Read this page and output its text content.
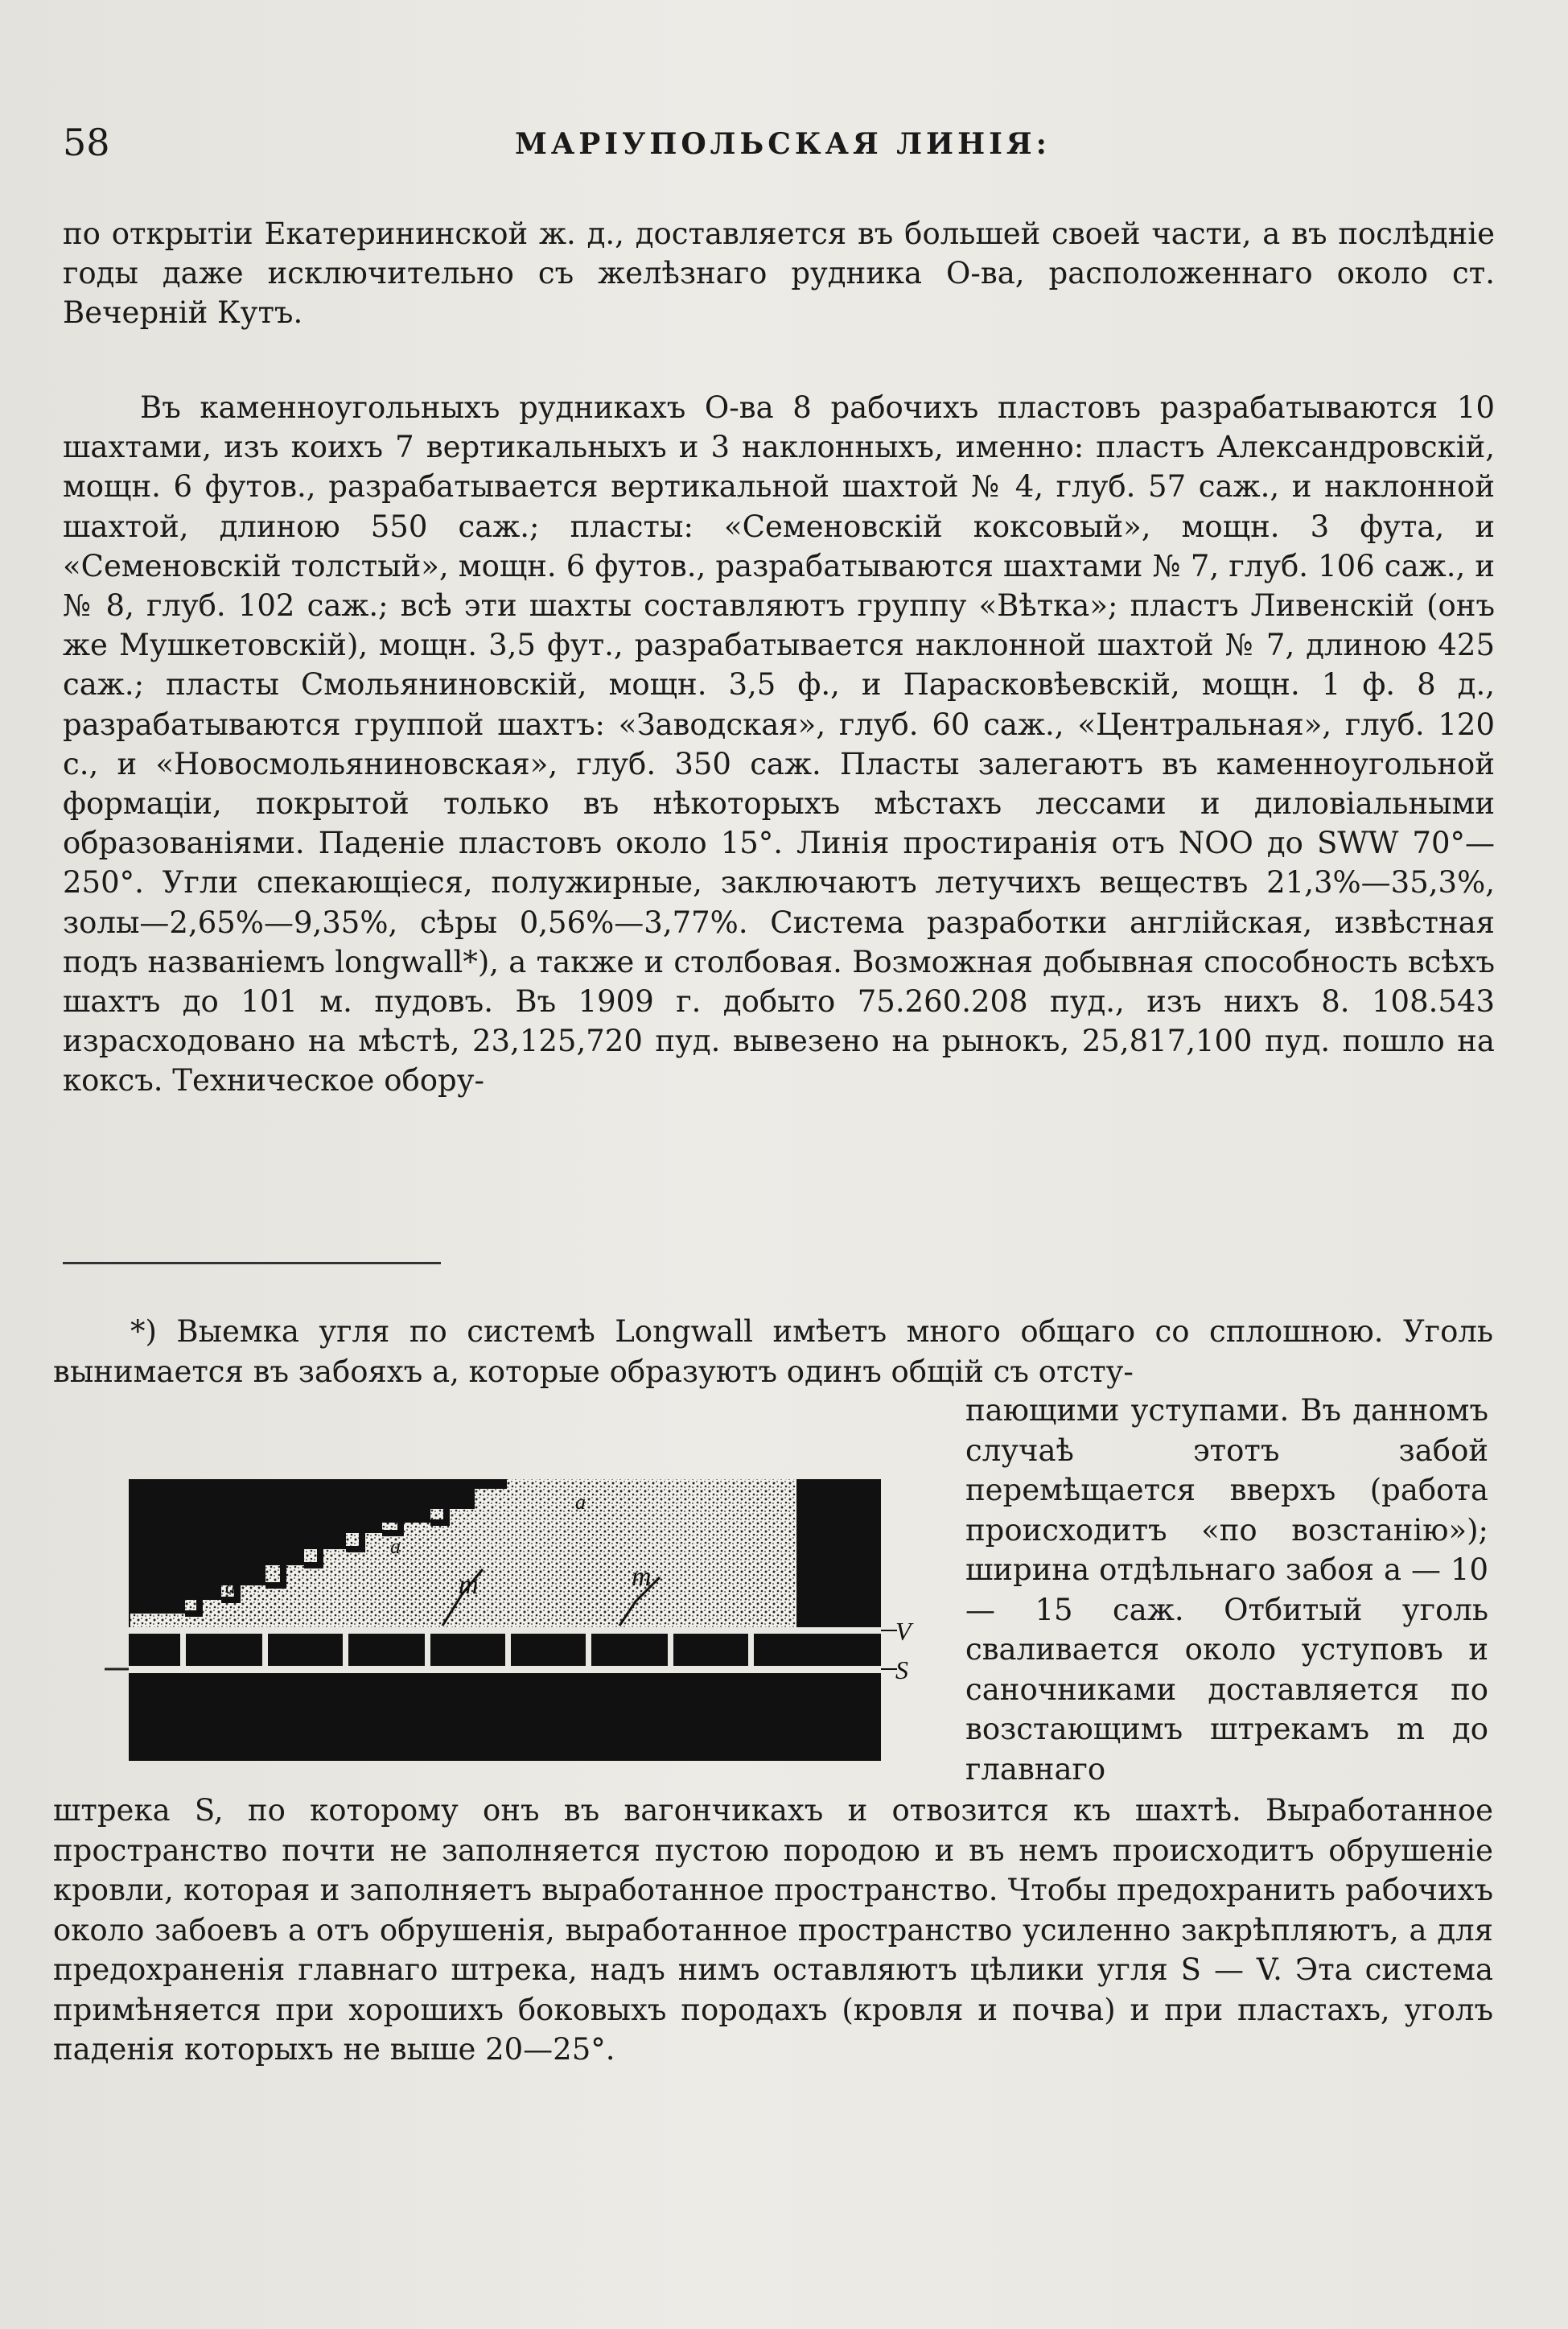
58	МАРІУПОЛЬСКАЯ ЛИНІЯ:

по открытіи Екатерининской ж. д., доставляется въ большей своей части, а въ послѣдніе годы даже исключительно съ желѣзнаго рудника О-ва, расположеннаго около ст. Вечерній Кутъ.

Въ каменноугольныхъ рудникахъ О-ва 8 рабочихъ пластовъ разрабатываются 10 шахтами, изъ коихъ 7 вертикальныхъ и 3 наклонныхъ, именно: пластъ Александровскій, мощн. 6 футов., разрабатывается вертикальной шахтой № 4, глуб. 57 саж., и наклонной шахтой, длиною 550 саж.; пласты: «Семеновскій коксовый», мощн. 3 фута, и «Семеновскій толстый», мощн. 6 футов., разрабатываются шахтами № 7, глуб. 106 саж., и № 8, глуб. 102 саж.; всѣ эти шахты составляютъ группу «Вѣтка»; пластъ Ливенскій (онъ же Мушкетовскій), мощн. 3,5 фут., разрабатывается наклонной шахтой № 7, длиною 425 саж.; пласты Смольяниновскій, мощн. 3,5 ф., и Парасковѣевскій, мощн. 1 ф. 8 д., разрабатываются группой шахтъ: «Заводская», глуб. 60 саж., «Центральная», глуб. 120 с., и «Новосмольяниновская», глуб. 350 саж. Пласты залегаютъ въ каменноугольной формаціи, покрытой только въ нѣкоторыхъ мѣстахъ лессами и диловіальными образованіями. Паденіе пластовъ около 15°. Линія простиранія отъ NOO до SWW 70°—250°. Угли спекающіеся, полужирные, заключаютъ летучихъ веществъ 21,3%—35,3%, золы—2,65%—9,35%, сѣры 0,56%—3,77%. Система разработки англійская, извѣстная подъ названіемъ longwall*), а также и столбовая. Возможная добывная способность всѣхъ шахтъ до 101 м. пудовъ. Въ 1909 г. добыто 75.260.208 пуд., изъ нихъ 8. 108.543 израсходовано на мѣстѣ, 23,125,720 пуд. вывезено на рынокъ, 25,817,100 пуд. пошло на коксъ. Техническое обору-

*) Выемка угля по системѣ Longwall имѣетъ много общаго со сплошною. Уголь вынимается въ забояхъ a, которые образуютъ одинъ общій съ отсту-

a
a
a
m	m
V
S

пающими уступами. Въ данномъ случаѣ этотъ забой перемѣщается вверхъ (работа происходитъ «по возстанію»); ширина отдѣльнаго забоя а — 10 — 15 саж. Отбитый уголь сваливается около уступовъ и саночниками доставляется по возстающимъ штрекамъ m до главнаго

штрека S, по которому онъ въ вагончикахъ и отвозится къ шахтѣ. Выработанное пространство почти не заполняется пустою породою и въ немъ происходитъ обрушеніе кровли, которая и заполняетъ выработанное пространство. Чтобы предохранить рабочихъ около забоевъ a отъ обрушенія, выработанное пространство усиленно закрѣпляютъ, а для предохраненія главнаго штрека, надъ нимъ оставляютъ цѣлики угля S — V. Эта система примѣняется при хорошихъ боковыхъ породахъ (кровля и почва) и при пластахъ, уголъ паденія которыхъ не выше 20—25°.
